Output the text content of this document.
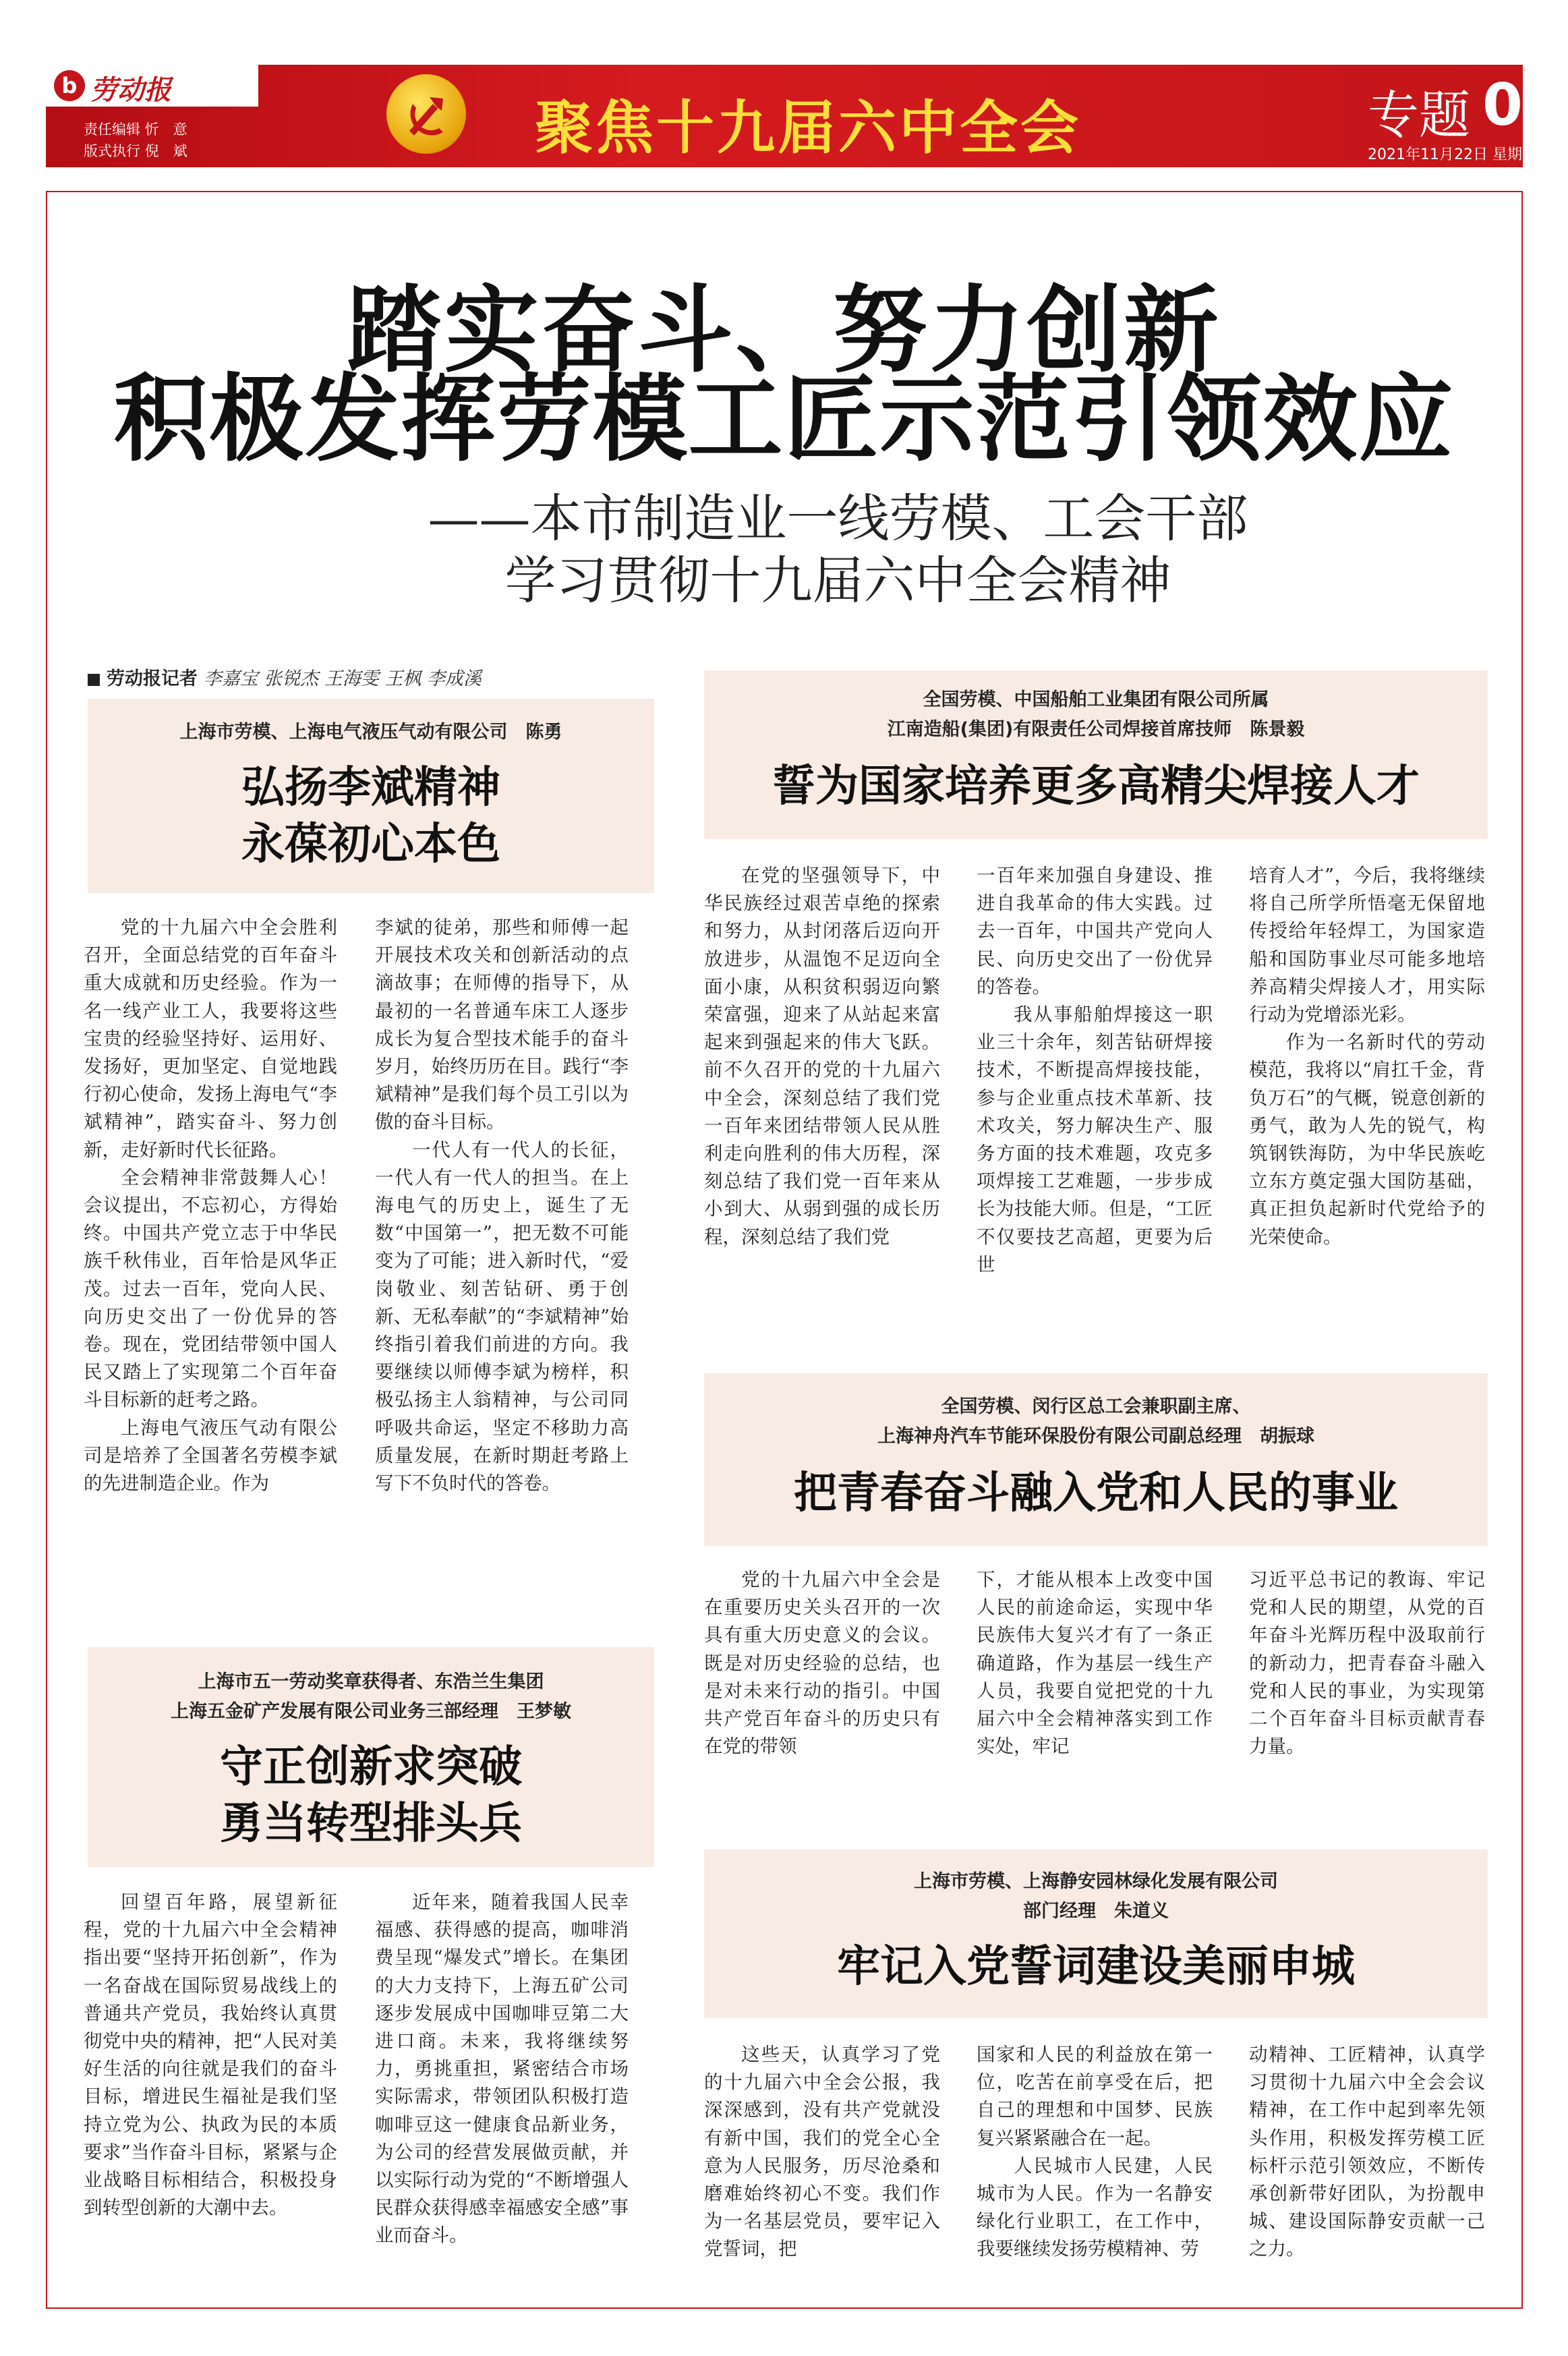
b 劳动报
责任编辑 忻　意
版式执行 倪　斌	聚焦十九届六中全会	专题 05
2021年11月22日 星期一
踏实奋斗、努力创新
积极发挥劳模工匠示范引领效应
——本市制造业一线劳模、工会干部
学习贯彻十九届六中全会精神
劳动报记者 李嘉宝 张锐杰 王海雯 王枫 李成溪
上海市劳模、上海电气液压气动有限公司　陈勇
弘扬李斌精神
永葆初心本色

党的十九届六中全会胜利召开，全面总结党的百年奋斗重大成就和历史经验。作为一名一线产业工人，我要将这些宝贵的经验坚持好、运用好、发扬好，更加坚定、自觉地践行初心使命，发扬上海电气“李斌精神”，踏实奋斗、努力创新，走好新时代长征路。

全会精神非常鼓舞人心！会议提出，不忘初心，方得始终。中国共产党立志于中华民族千秋伟业，百年恰是风华正茂。过去一百年，党向人民、向历史交出了一份优异的答卷。现在，党团结带领中国人民又踏上了实现第二个百年奋斗目标新的赶考之路。

上海电气液压气动有限公司是培养了全国著名劳模李斌的先进制造企业。作为

李斌的徒弟，那些和师傅一起开展技术攻关和创新活动的点滴故事；在师傅的指导下，从最初的一名普通车床工人逐步成长为复合型技术能手的奋斗岁月，始终历历在目。践行“李斌精神”是我们每个员工引以为傲的奋斗目标。

一代人有一代人的长征，一代人有一代人的担当。在上海电气的历史上，诞生了无数“中国第一”，把无数不可能变为了可能；进入新时代，“爱岗敬业、刻苦钻研、勇于创新、无私奉献”的“李斌精神”始终指引着我们前进的方向。我要继续以师傅李斌为榜样，积极弘扬主人翁精神，与公司同呼吸共命运，坚定不移助力高质量发展，在新时期赶考路上写下不负时代的答卷。

上海市五一劳动奖章获得者、东浩兰生集团
上海五金矿产发展有限公司业务三部经理　王梦敏
守正创新求突破
勇当转型排头兵

回望百年路，展望新征程，党的十九届六中全会精神指出要“坚持开拓创新”，作为一名奋战在国际贸易战线上的普通共产党员，我始终认真贯彻党中央的精神，把“人民对美好生活的向往就是我们的奋斗目标，增进民生福祉是我们坚持立党为公、执政为民的本质要求”当作奋斗目标，紧紧与企业战略目标相结合，积极投身到转型创新的大潮中去。

近年来，随着我国人民幸福感、获得感的提高，咖啡消费呈现“爆发式”增长。在集团的大力支持下，上海五矿公司逐步发展成中国咖啡豆第二大进口商。未来，我将继续努力，勇挑重担，紧密结合市场实际需求，带领团队积极打造咖啡豆这一健康食品新业务，为公司的经营发展做贡献，并以实际行动为党的“不断增强人民群众获得感幸福感安全感”事业而奋斗。

全国劳模、中国船舶工业集团有限公司所属
江南造船(集团)有限责任公司焊接首席技师　陈景毅
誓为国家培养更多高精尖焊接人才

在党的坚强领导下，中华民族经过艰苦卓绝的探索和努力，从封闭落后迈向开放进步，从温饱不足迈向全面小康，从积贫积弱迈向繁荣富强，迎来了从站起来富起来到强起来的伟大飞跃。前不久召开的党的十九届六中全会，深刻总结了我们党一百年来团结带领人民从胜利走向胜利的伟大历程，深刻总结了我们党一百年来从小到大、从弱到强的成长历程，深刻总结了我们党

一百年来加强自身建设、推进自我革命的伟大实践。过去一百年，中国共产党向人民、向历史交出了一份优异的答卷。

我从事船舶焊接这一职业三十余年，刻苦钻研焊接技术，不断提高焊接技能，参与企业重点技术革新、技术攻关，努力解决生产、服务方面的技术难题，攻克多项焊接工艺难题，一步步成长为技能大师。但是，“工匠不仅要技艺高超，更要为后世

培育人才”，今后，我将继续将自己所学所悟毫无保留地传授给年轻焊工，为国家造船和国防事业尽可能多地培养高精尖焊接人才，用实际行动为党增添光彩。

作为一名新时代的劳动模范，我将以“肩扛千金，背负万石”的气概，锐意创新的勇气，敢为人先的锐气，构筑钢铁海防，为中华民族屹立东方奠定强大国防基础，真正担负起新时代党给予的光荣使命。

全国劳模、闵行区总工会兼职副主席、
上海神舟汽车节能环保股份有限公司副总经理　胡振球
把青春奋斗融入党和人民的事业

党的十九届六中全会是在重要历史关头召开的一次具有重大历史意义的会议。既是对历史经验的总结，也是对未来行动的指引。中国共产党百年奋斗的历史只有在党的带领

下，才能从根本上改变中国人民的前途命运，实现中华民族伟大复兴才有了一条正确道路，作为基层一线生产人员，我要自觉把党的十九届六中全会精神落实到工作实处，牢记

习近平总书记的教诲、牢记党和人民的期望，从党的百年奋斗光辉历程中汲取前行的新动力，把青春奋斗融入党和人民的事业，为实现第二个百年奋斗目标贡献青春力量。

上海市劳模、上海静安园林绿化发展有限公司
部门经理　朱道义
牢记入党誓词建设美丽申城

这些天，认真学习了党的十九届六中全会公报，我深深感到，没有共产党就没有新中国，我们的党全心全意为人民服务，历尽沧桑和磨难始终初心不变。我们作为一名基层党员，要牢记入党誓词，把

国家和人民的利益放在第一位，吃苦在前享受在后，把自己的理想和中国梦、民族复兴紧紧融合在一起。

人民城市人民建，人民城市为人民。作为一名静安绿化行业职工，在工作中，我要继续发扬劳模精神、劳

动精神、工匠精神，认真学习贯彻十九届六中全会会议精神，在工作中起到率先领头作用，积极发挥劳模工匠标杆示范引领效应，不断传承创新带好团队，为扮靓申城、建设国际静安贡献一己之力。
